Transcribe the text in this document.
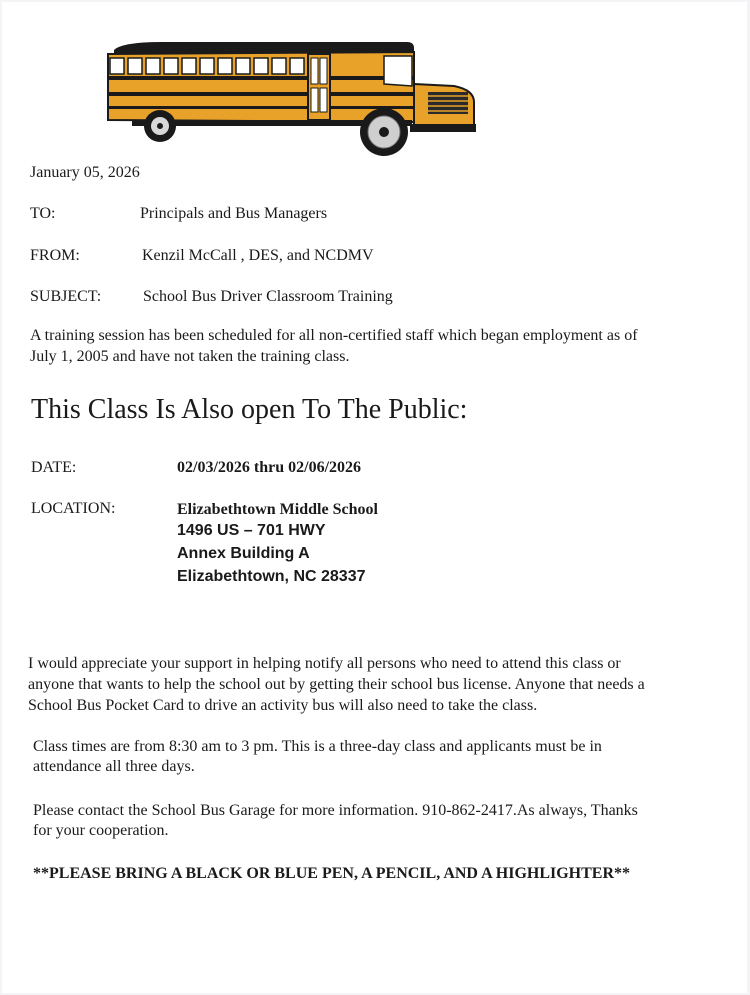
January 05, 2026
TO:	Principals and Bus Managers
FROM:	Kenzil McCall , DES, and NCDMV
SUBJECT:	School Bus Driver Classroom Training
A training session has been scheduled for all non-certified staff which began employment as of
July 1, 2005 and have not taken the training class.
This Class Is Also open To The Public:
DATE:	02/03/2026 thru 02/06/2026
LOCATION:	Elizabethtown Middle School
1496 US – 701 HWY
Annex Building A
Elizabethtown, NC 28337
I would appreciate your support in helping notify all persons who need to attend this class or
anyone that wants to help the school out by getting their school bus license. Anyone that needs a
School Bus Pocket Card to drive an activity bus will also need to take the class.
Class times are from 8:30 am to 3 pm. This is a three-day class and applicants must be in
attendance all three days.
Please contact the School Bus Garage for more information. 910-862-2417.As always, Thanks
for your cooperation.
**PLEASE BRING A BLACK OR BLUE PEN, A PENCIL, AND A HIGHLIGHTER**
